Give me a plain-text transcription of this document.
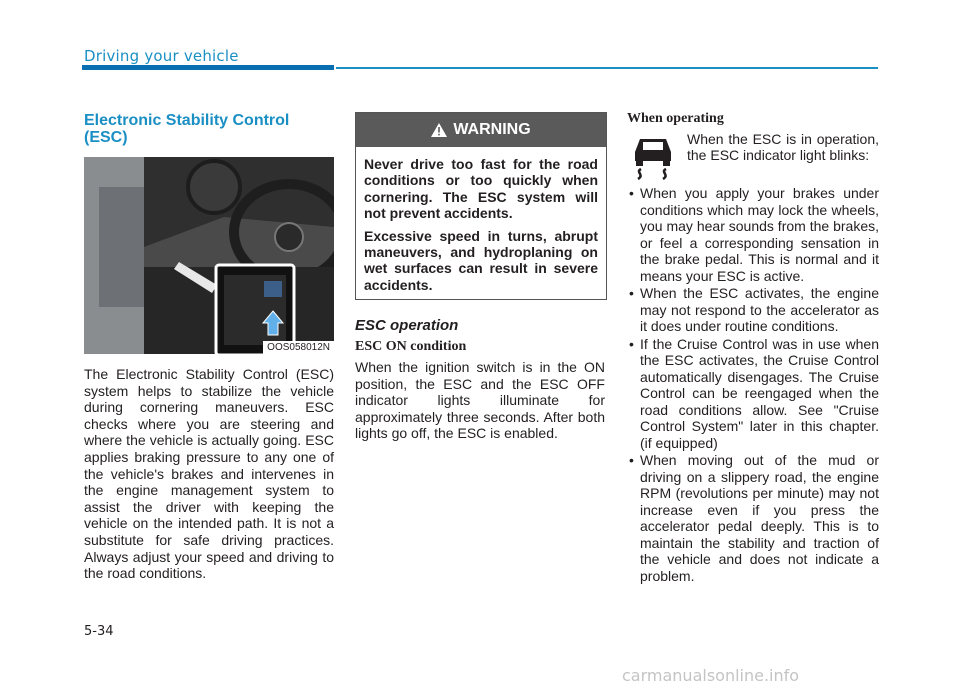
Driving your vehicle
Electronic Stability Control (ESC)
OOS058012N
The Electronic Stability Control (ESC) system helps to stabilize the vehicle during cornering maneuvers. ESC checks where you are steering and where the vehicle is actually going. ESC applies braking pressure to any one of the vehicle's brakes and intervenes in the engine management system to assist the driver with keeping the vehicle on the intended path. It is not a substitute for safe driving practices. Always adjust your speed and driving to the road conditions.
WARNING

Never drive too fast for the road conditions or too quickly when cornering. The ESC system will not prevent accidents.

Excessive speed in turns, abrupt maneuvers, and hydroplaning on wet surfaces can result in severe accidents.

ESC operation
ESC ON condition
When the ignition switch is in the ON position, the ESC and the ESC OFF indicator lights illuminate for approximately three seconds. After both lights go off, the ESC is enabled.
When operating
When the ESC is in operation, the ESC indicator light blinks:
• When you apply your brakes under conditions which may lock the wheels, you may hear sounds from the brakes, or feel a corresponding sensation in the brake pedal. This is normal and it means your ESC is active.
• When the ESC activates, the engine may not respond to the accelerator as it does under routine conditions.
• If the Cruise Control was in use when the ESC activates, the Cruise Control automatically disengages. The Cruise Control can be reengaged when the road conditions allow. See "Cruise Control System" later in this chapter. (if equipped)
• When moving out of the mud or driving on a slippery road, the engine RPM (revolutions per minute) may not increase even if you press the accelerator pedal deeply. This is to maintain the stability and traction of the vehicle and does not indicate a problem.
5-34
carmanualsonline.info
